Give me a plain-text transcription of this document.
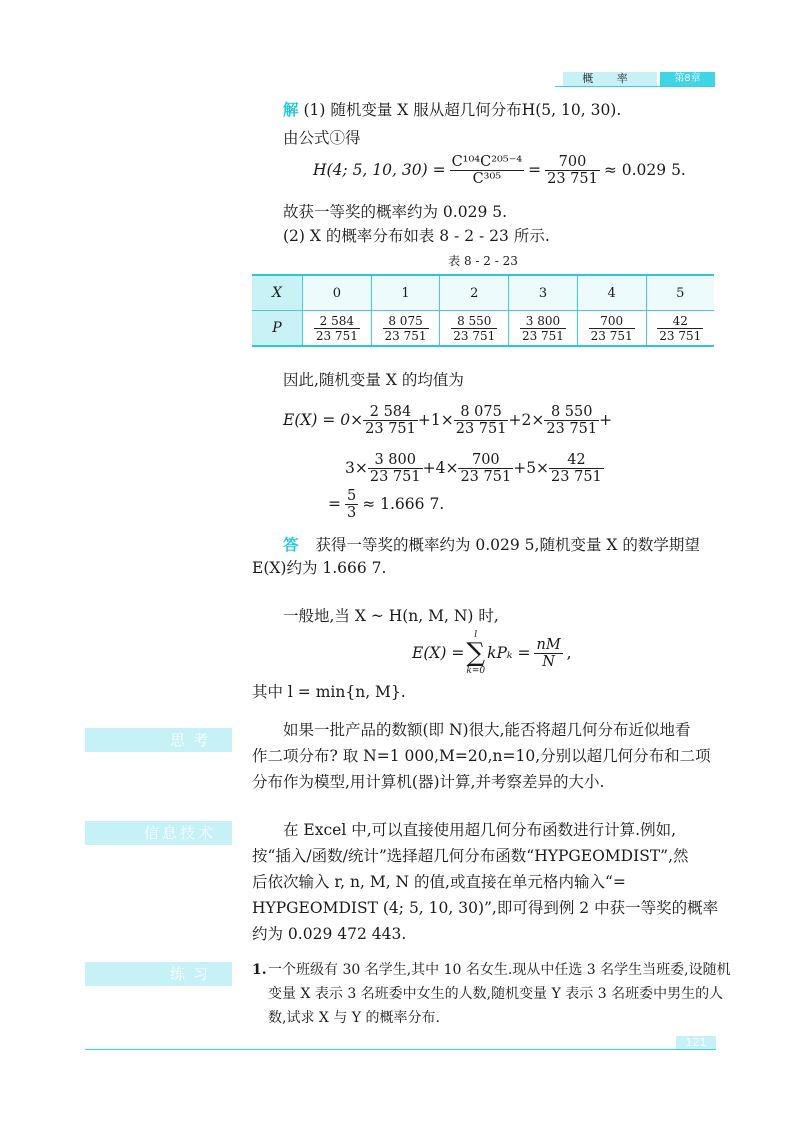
概 率	第8章
解 (1) 随机变量 X 服从超几何分布H(5, 10, 30).
由公式①得
H(4; 5, 10, $30) = \frac{\text{C¹⁰⁴C²⁰⁵⁻⁴}}{\text{C³⁰⁵}} = \frac{700}{23 751} \approx 0.029$ 5.
故获一等奖的概率约为 0.029 5.
(2) X 的概率分布如表 8 - 2 - 23 所示.
表 8 - 2 - 23
X	0	1	2	3	4	5
P	$\frac{2 584}{23 751}$	$\frac{8 075}{23 751}$	$\frac{8 550}{23 751}$	$\frac{3 800}{23 751}$	$\frac{700}{23 751}$	$\frac{42}{23 751}$
因此,随机变量 X 的均值为
$E(X) = 0\times \frac{2 584}{23 751} +1\times \frac{8 075}{23 751} +2\times \frac{8 550}{23 751}$ +
$3\times \frac{3 800}{23 751} +4\times \frac{700}{23 751} +5\times \frac{42}{23 751}$
= $\frac{5}{3} \approx 1.666$ 7.
答 获得一等奖的概率约为 0.029 5,随机变量 X 的数学期望
E(X)约为 1.666 7.
一般地,当 X ~ H(n, M, N) 时,
E(X) =
l
∑
k=0
$kP_k = \frac{nM}{N}$ ,
其中 l = min{n, M}.
思考
如果一批产品的数额(即 N)很大,能否将超几何分布近似地看
作二项分布? 取 N=1 000,M=20,n=10,分别以超几何分布和二项
分布作为模型,用计算机(器)计算,并考察差异的大小.
信息技术	在 Excel 中,可以直接使用超几何分布函数进行计算.例如,
按“插入/函数/统计”选择超几何分布函数“HYPGEOMDIST”,然
后依次输入 r, n, M, N 的值,或直接在单元格内输入“=
HYPGEOMDIST (4; 5, 10, 30)”,即可得到例 2 中获一等奖的概率
约为 0.029 472 443.
练习	1. 一个班级有 30 名学生,其中 10 名女生.现从中任选 3 名学生当班委,设随机
变量 X 表示 3 名班委中女生的人数,随机变量 Y 表示 3 名班委中男生的人
数,试求 X 与 Y 的概率分布.
121
